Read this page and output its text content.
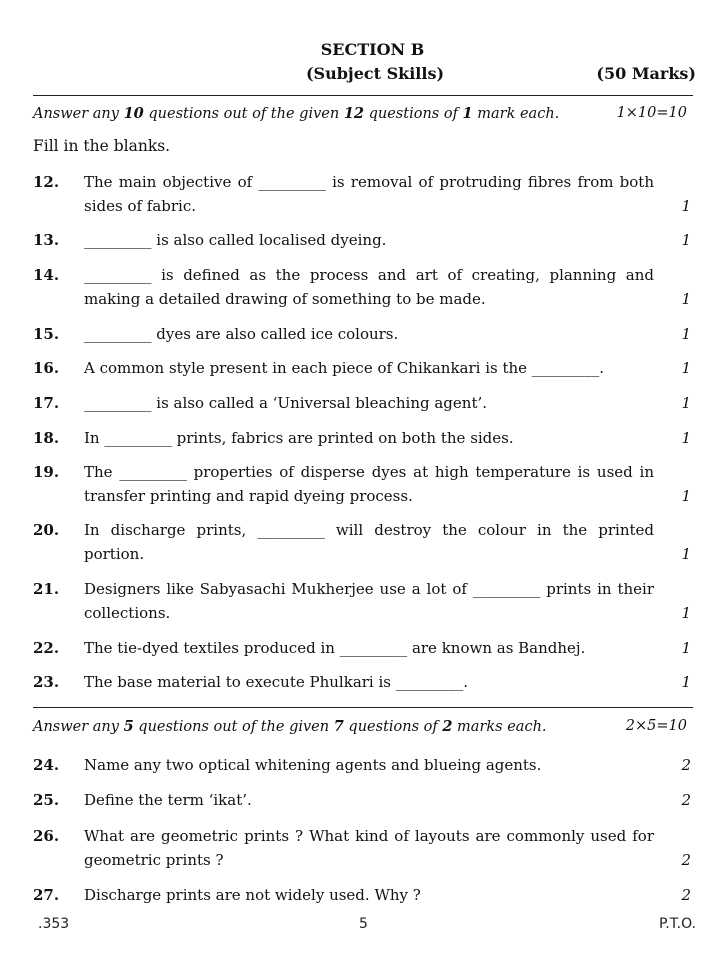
SECTION B
(Subject Skills)	(50 Marks)
Answer any 10 questions out of the given 12 questions of 1 mark each.	1×10=10
Fill in the blanks.
12. The main objective of _________ is removal of protruding fibres from both sides of fabric.	1
13. _________ is also called localised dyeing.	1
14. _________ is defined as the process and art of creating, planning and making a detailed drawing of something to be made.	1
15. _________ dyes are also called ice colours.	1
16. A common style present in each piece of Chikankari is the _________.	1
17. _________ is also called a ‘Universal bleaching agent’.	1
18. In _________ prints, fabrics are printed on both the sides.	1
19. The _________ properties of disperse dyes at high temperature is used in transfer printing and rapid dyeing process.	1
20. In discharge prints, _________ will destroy the colour in the printed portion.	1
21. Designers like Sabyasachi Mukherjee use a lot of _________ prints in their collections.	1
22. The tie-dyed textiles produced in _________ are known as Bandhej.	1
23. The base material to execute Phulkari is _________.	1
Answer any 5 questions out of the given 7 questions of 2 marks each.	2×5=10
24. Name any two optical whitening agents and blueing agents.	2
25. Define the term ‘ikat’.	2
26. What are geometric prints ? What kind of layouts are commonly used for geometric prints ?	2
27. Discharge prints are not widely used. Why ?	2
.353	5	P.T.O.
